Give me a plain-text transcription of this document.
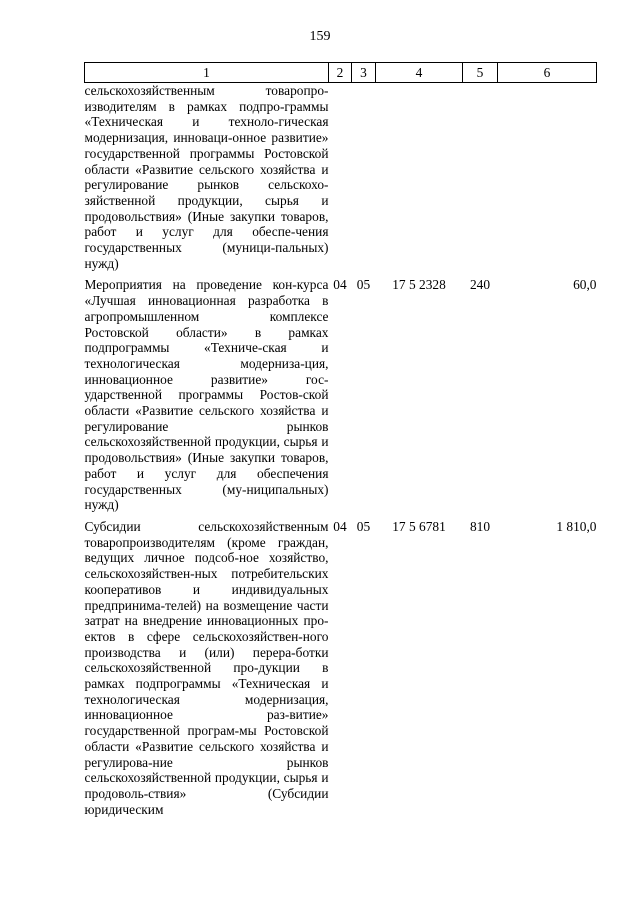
159
1	2	3	4	5	6
сельскохозяйственным товаропро-изводителям в рамках подпро-граммы «Техническая и техноло-гическая модернизация, инноваци-онное развитие» государственной программы Ростовской области «Развитие сельского хозяйства и регулирование рынков сельскохо-зяйственной продукции, сырья и продовольствия» (Иные закупки товаров, работ и услуг для обеспе-чения государственных (муници-пальных) нужд)					
Мероприятия на проведение кон-курса «Лучшая инновационная разработка в агропромышленном комплексе Ростовской области» в рамках подпрограммы «Техниче-ская и технологическая модерниза-ция, инновационное развитие» гос-ударственной программы Ростов-ской области «Развитие сельского хозяйства и регулирование рынков сельскохозяйственной продукции, сырья и продовольствия» (Иные закупки товаров, работ и услуг для обеспечения государственных (му-ниципальных) нужд)	04	05	17 5 2328	240	60,0
Субсидии сельскохозяйственным товаропроизводителям (кроме граждан, ведущих личное подсоб-ное хозяйство, сельскохозяйствен-ных потребительских кооперативов и индивидуальных предпринима-телей) на возмещение части затрат на внедрение инновационных про-ектов в сфере сельскохозяйствен-ного производства и (или) перера-ботки сельскохозяйственной про-дукции в рамках подпрограммы «Техническая и технологическая модернизация, инновационное раз-витие» государственной програм-мы Ростовской области «Развитие сельского хозяйства и регулирова-ние рынков сельскохозяйственной продукции, сырья и продоволь-ствия» (Субсидии юридическим	04	05	17 5 6781	810	1 810,0
